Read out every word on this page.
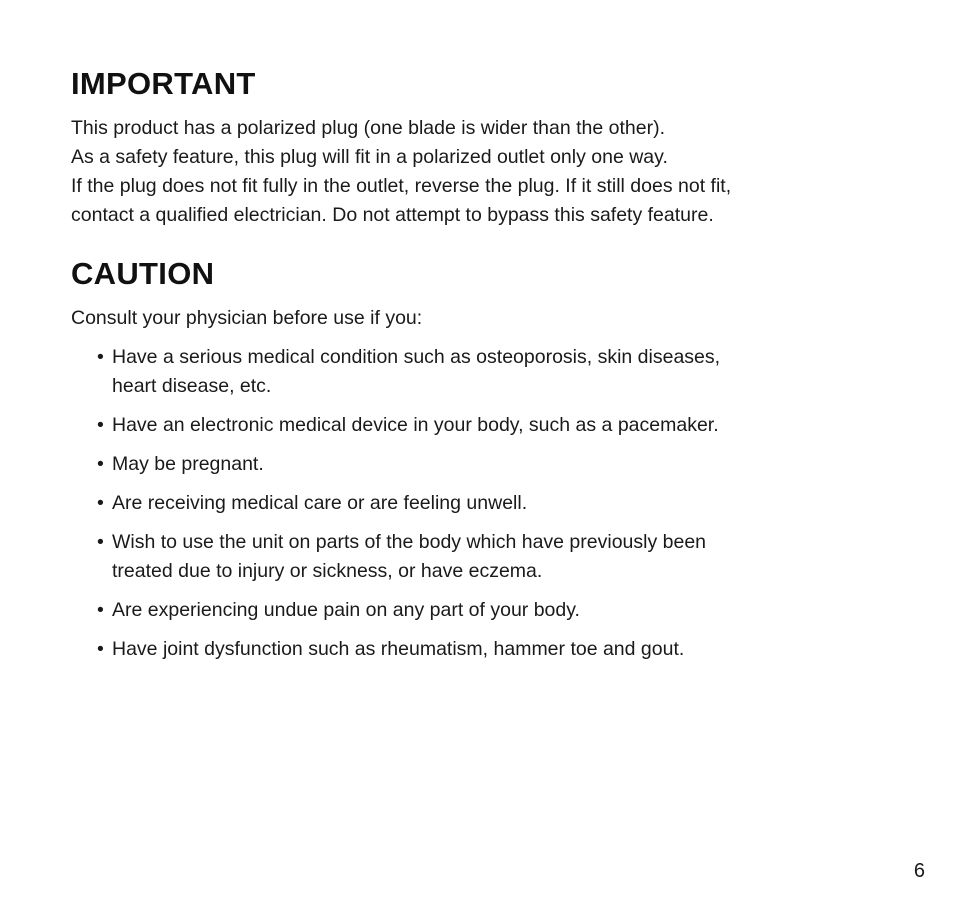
IMPORTANT

This product has a polarized plug (one blade is wider than the other).

As a safety feature, this plug will fit in a polarized outlet only one way.

If the plug does not fit fully in the outlet, reverse the plug. If it still does not fit,

contact a qualified electrician. Do not attempt to bypass this safety feature.

CAUTION

Consult your physician before use if you:

• Have a serious medical condition such as osteoporosis, skin diseases,
heart disease, etc.
• Have an electronic medical device in your body, such as a pacemaker.
• May be pregnant.
• Are receiving medical care or are feeling unwell.
• Wish to use the unit on parts of the body which have previously been
treated due to injury or sickness, or have eczema.
• Are experiencing undue pain on any part of your body.
• Have joint dysfunction such as rheumatism, hammer toe and gout.
6
